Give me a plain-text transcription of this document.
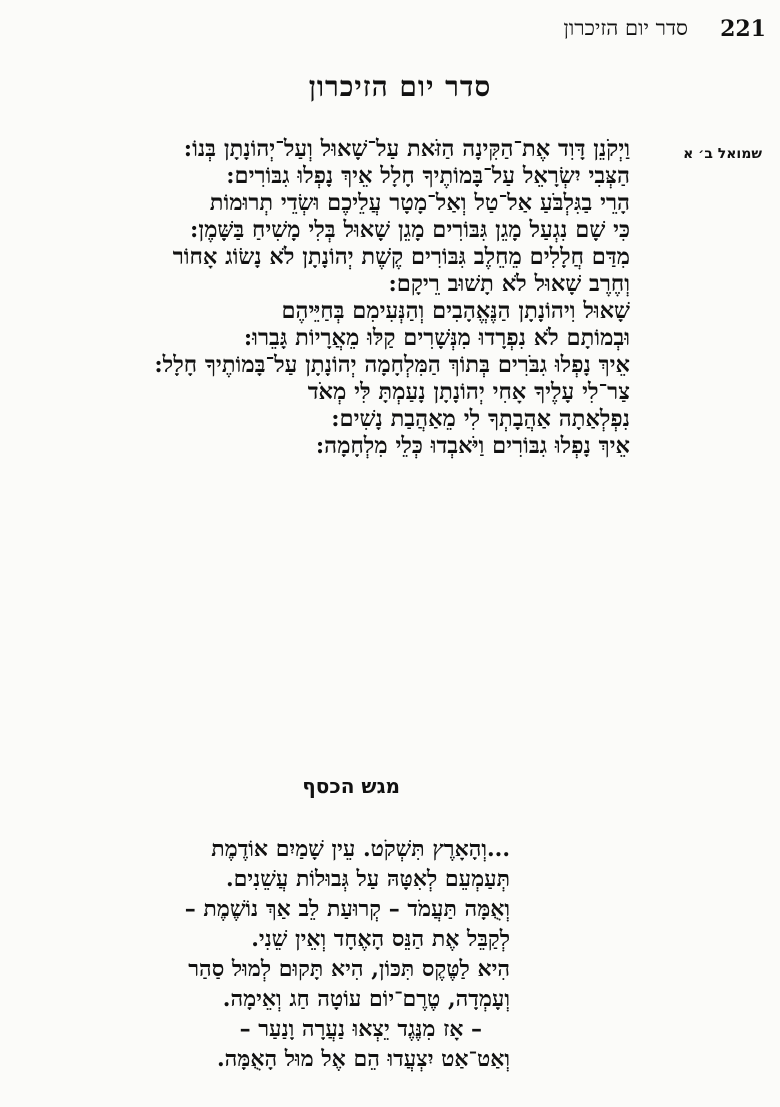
סדר יום הזיכרון 221
סדר יום הזיכרון
שמואל ב׳ א
וַיְקֹנֵן דָּוִד אֶת־הַקִּינָה הַזֹּאת עַל־שָׁאוּל וְעַל־יְהוֹנָתָן בְּנוֹ:
הַצְּבִי יִשְׂרָאֵל עַל־בָּמוֹתֶיךָ חָלָל אֵיךְ נָפְלוּ גִבּוֹרִים:
הָרֵי בַגִּלְבֹּעַ אַל־טַל וְאַל־מָטָר עֲלֵיכֶם וּשְׂדֵי תְרוּמוֹת
כִּי שָׁם נִגְעַל מָגֵן גִּבּוֹרִים מָגֵן שָׁאוּל בְּלִי מָשִׁיחַ בַּשָּׁמֶן:
מִדַּם חֲלָלִים מֵחֵלֶב גִּבּוֹרִים קֶשֶׁת יְהוֹנָתָן לֹא נָשׂוֹג אָחוֹר
וְחֶרֶב שָׁאוּל לֹא תָשׁוּב רֵיקָם:
שָׁאוּל וִיהוֹנָתָן הַנֶּאֱהָבִים וְהַנְּעִימִם בְּחַיֵּיהֶם
וּבְמוֹתָם לֹא נִפְרָדוּ מִנְּשָׁרִים קַלּוּ מֵאֲרָיוֹת גָּבֵרוּ:
אֵיךְ נָפְלוּ גִבֹּרִים בְּתוֹךְ הַמִּלְחָמָה יְהוֹנָתָן עַל־בָּמוֹתֶיךָ חָלָל:
צַר־לִי עָלֶיךָ אָחִי יְהוֹנָתָן נָעַמְתָּ לִּי מְאֹד
נִפְלְאַתָה אַהֲבָתְךָ לִי מֵאַהֲבַת נָשִׁים:
אֵיךְ נָפְלוּ גִבּוֹרִים וַיֹּאבְדוּ כְּלֵי מִלְחָמָה:
מגש הכסף
...וְהָאָרֶץ תִּשְׁקֹט. עֵין שָׁמַיִם אוֹדֶמֶת
תְּעַמְעֵם לְאִטָּהּ עַל גְּבוּלוֹת עֲשֵׁנִים.
וְאֻמָּה תַּעֲמֹד – קְרוּעַת לֵב אַךְ נוֹשֶׁמֶת –
לְקַבֵּל אֶת הַנֵּס הָאֶחָד וְאֵין שֵׁנִי.
הִיא לַטֶּקֶס תִּכּוֹן, הִיא תָּקוּם לְמוּל סַהַר
וְעָמְדָה, טֶרֶם־יוֹם עוֹטָה חַג וְאֵימָה.
– אָז מִנֶּגֶד יֵצְאוּ נַעֲרָה וָנַעַר –
וְאַט־אַט יִצְעֲדוּ הֵם אֶל מוּל הָאֻמָּה.
